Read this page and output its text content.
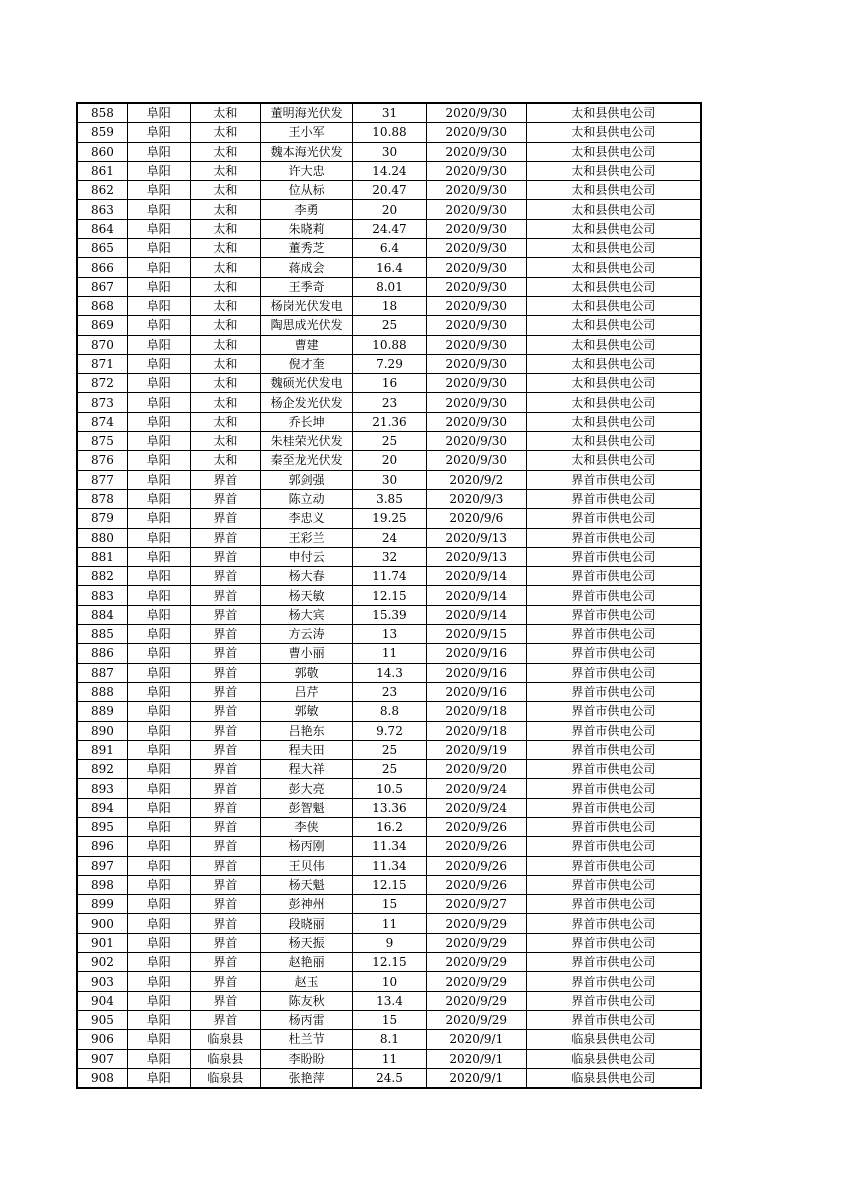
858	阜阳	太和	董明海光伏发	31	2020/9/30	太和县供电公司
859	阜阳	太和	王小军	10.88	2020/9/30	太和县供电公司
860	阜阳	太和	魏本海光伏发	30	2020/9/30	太和县供电公司
861	阜阳	太和	许大忠	14.24	2020/9/30	太和县供电公司
862	阜阳	太和	位从标	20.47	2020/9/30	太和县供电公司
863	阜阳	太和	李勇	20	2020/9/30	太和县供电公司
864	阜阳	太和	朱晓莉	24.47	2020/9/30	太和县供电公司
865	阜阳	太和	董秀芝	6.4	2020/9/30	太和县供电公司
866	阜阳	太和	蒋成会	16.4	2020/9/30	太和县供电公司
867	阜阳	太和	王季奇	8.01	2020/9/30	太和县供电公司
868	阜阳	太和	杨岗光伏发电	18	2020/9/30	太和县供电公司
869	阜阳	太和	陶思成光伏发	25	2020/9/30	太和县供电公司
870	阜阳	太和	曹建	10.88	2020/9/30	太和县供电公司
871	阜阳	太和	倪才奎	7.29	2020/9/30	太和县供电公司
872	阜阳	太和	魏硕光伏发电	16	2020/9/30	太和县供电公司
873	阜阳	太和	杨企发光伏发	23	2020/9/30	太和县供电公司
874	阜阳	太和	乔长坤	21.36	2020/9/30	太和县供电公司
875	阜阳	太和	朱桂荣光伏发	25	2020/9/30	太和县供电公司
876	阜阳	太和	秦至龙光伏发	20	2020/9/30	太和县供电公司
877	阜阳	界首	郭剑强	30	2020/9/2	界首市供电公司
878	阜阳	界首	陈立动	3.85	2020/9/3	界首市供电公司
879	阜阳	界首	李忠义	19.25	2020/9/6	界首市供电公司
880	阜阳	界首	王彩兰	24	2020/9/13	界首市供电公司
881	阜阳	界首	申付云	32	2020/9/13	界首市供电公司
882	阜阳	界首	杨大春	11.74	2020/9/14	界首市供电公司
883	阜阳	界首	杨天敏	12.15	2020/9/14	界首市供电公司
884	阜阳	界首	杨大宾	15.39	2020/9/14	界首市供电公司
885	阜阳	界首	方云涛	13	2020/9/15	界首市供电公司
886	阜阳	界首	曹小丽	11	2020/9/16	界首市供电公司
887	阜阳	界首	郭敬	14.3	2020/9/16	界首市供电公司
888	阜阳	界首	吕芹	23	2020/9/16	界首市供电公司
889	阜阳	界首	郭敏	8.8	2020/9/18	界首市供电公司
890	阜阳	界首	吕艳东	9.72	2020/9/18	界首市供电公司
891	阜阳	界首	程夫田	25	2020/9/19	界首市供电公司
892	阜阳	界首	程大祥	25	2020/9/20	界首市供电公司
893	阜阳	界首	彭大亮	10.5	2020/9/24	界首市供电公司
894	阜阳	界首	彭智魁	13.36	2020/9/24	界首市供电公司
895	阜阳	界首	李侠	16.2	2020/9/26	界首市供电公司
896	阜阳	界首	杨丙刚	11.34	2020/9/26	界首市供电公司
897	阜阳	界首	王贝伟	11.34	2020/9/26	界首市供电公司
898	阜阳	界首	杨天魁	12.15	2020/9/26	界首市供电公司
899	阜阳	界首	彭神州	15	2020/9/27	界首市供电公司
900	阜阳	界首	段晓丽	11	2020/9/29	界首市供电公司
901	阜阳	界首	杨天振	9	2020/9/29	界首市供电公司
902	阜阳	界首	赵艳丽	12.15	2020/9/29	界首市供电公司
903	阜阳	界首	赵玉	10	2020/9/29	界首市供电公司
904	阜阳	界首	陈友秋	13.4	2020/9/29	界首市供电公司
905	阜阳	界首	杨丙雷	15	2020/9/29	界首市供电公司
906	阜阳	临泉县	杜兰节	8.1	2020/9/1	临泉县供电公司
907	阜阳	临泉县	李盼盼	11	2020/9/1	临泉县供电公司
908	阜阳	临泉县	张艳萍	24.5	2020/9/1	临泉县供电公司
